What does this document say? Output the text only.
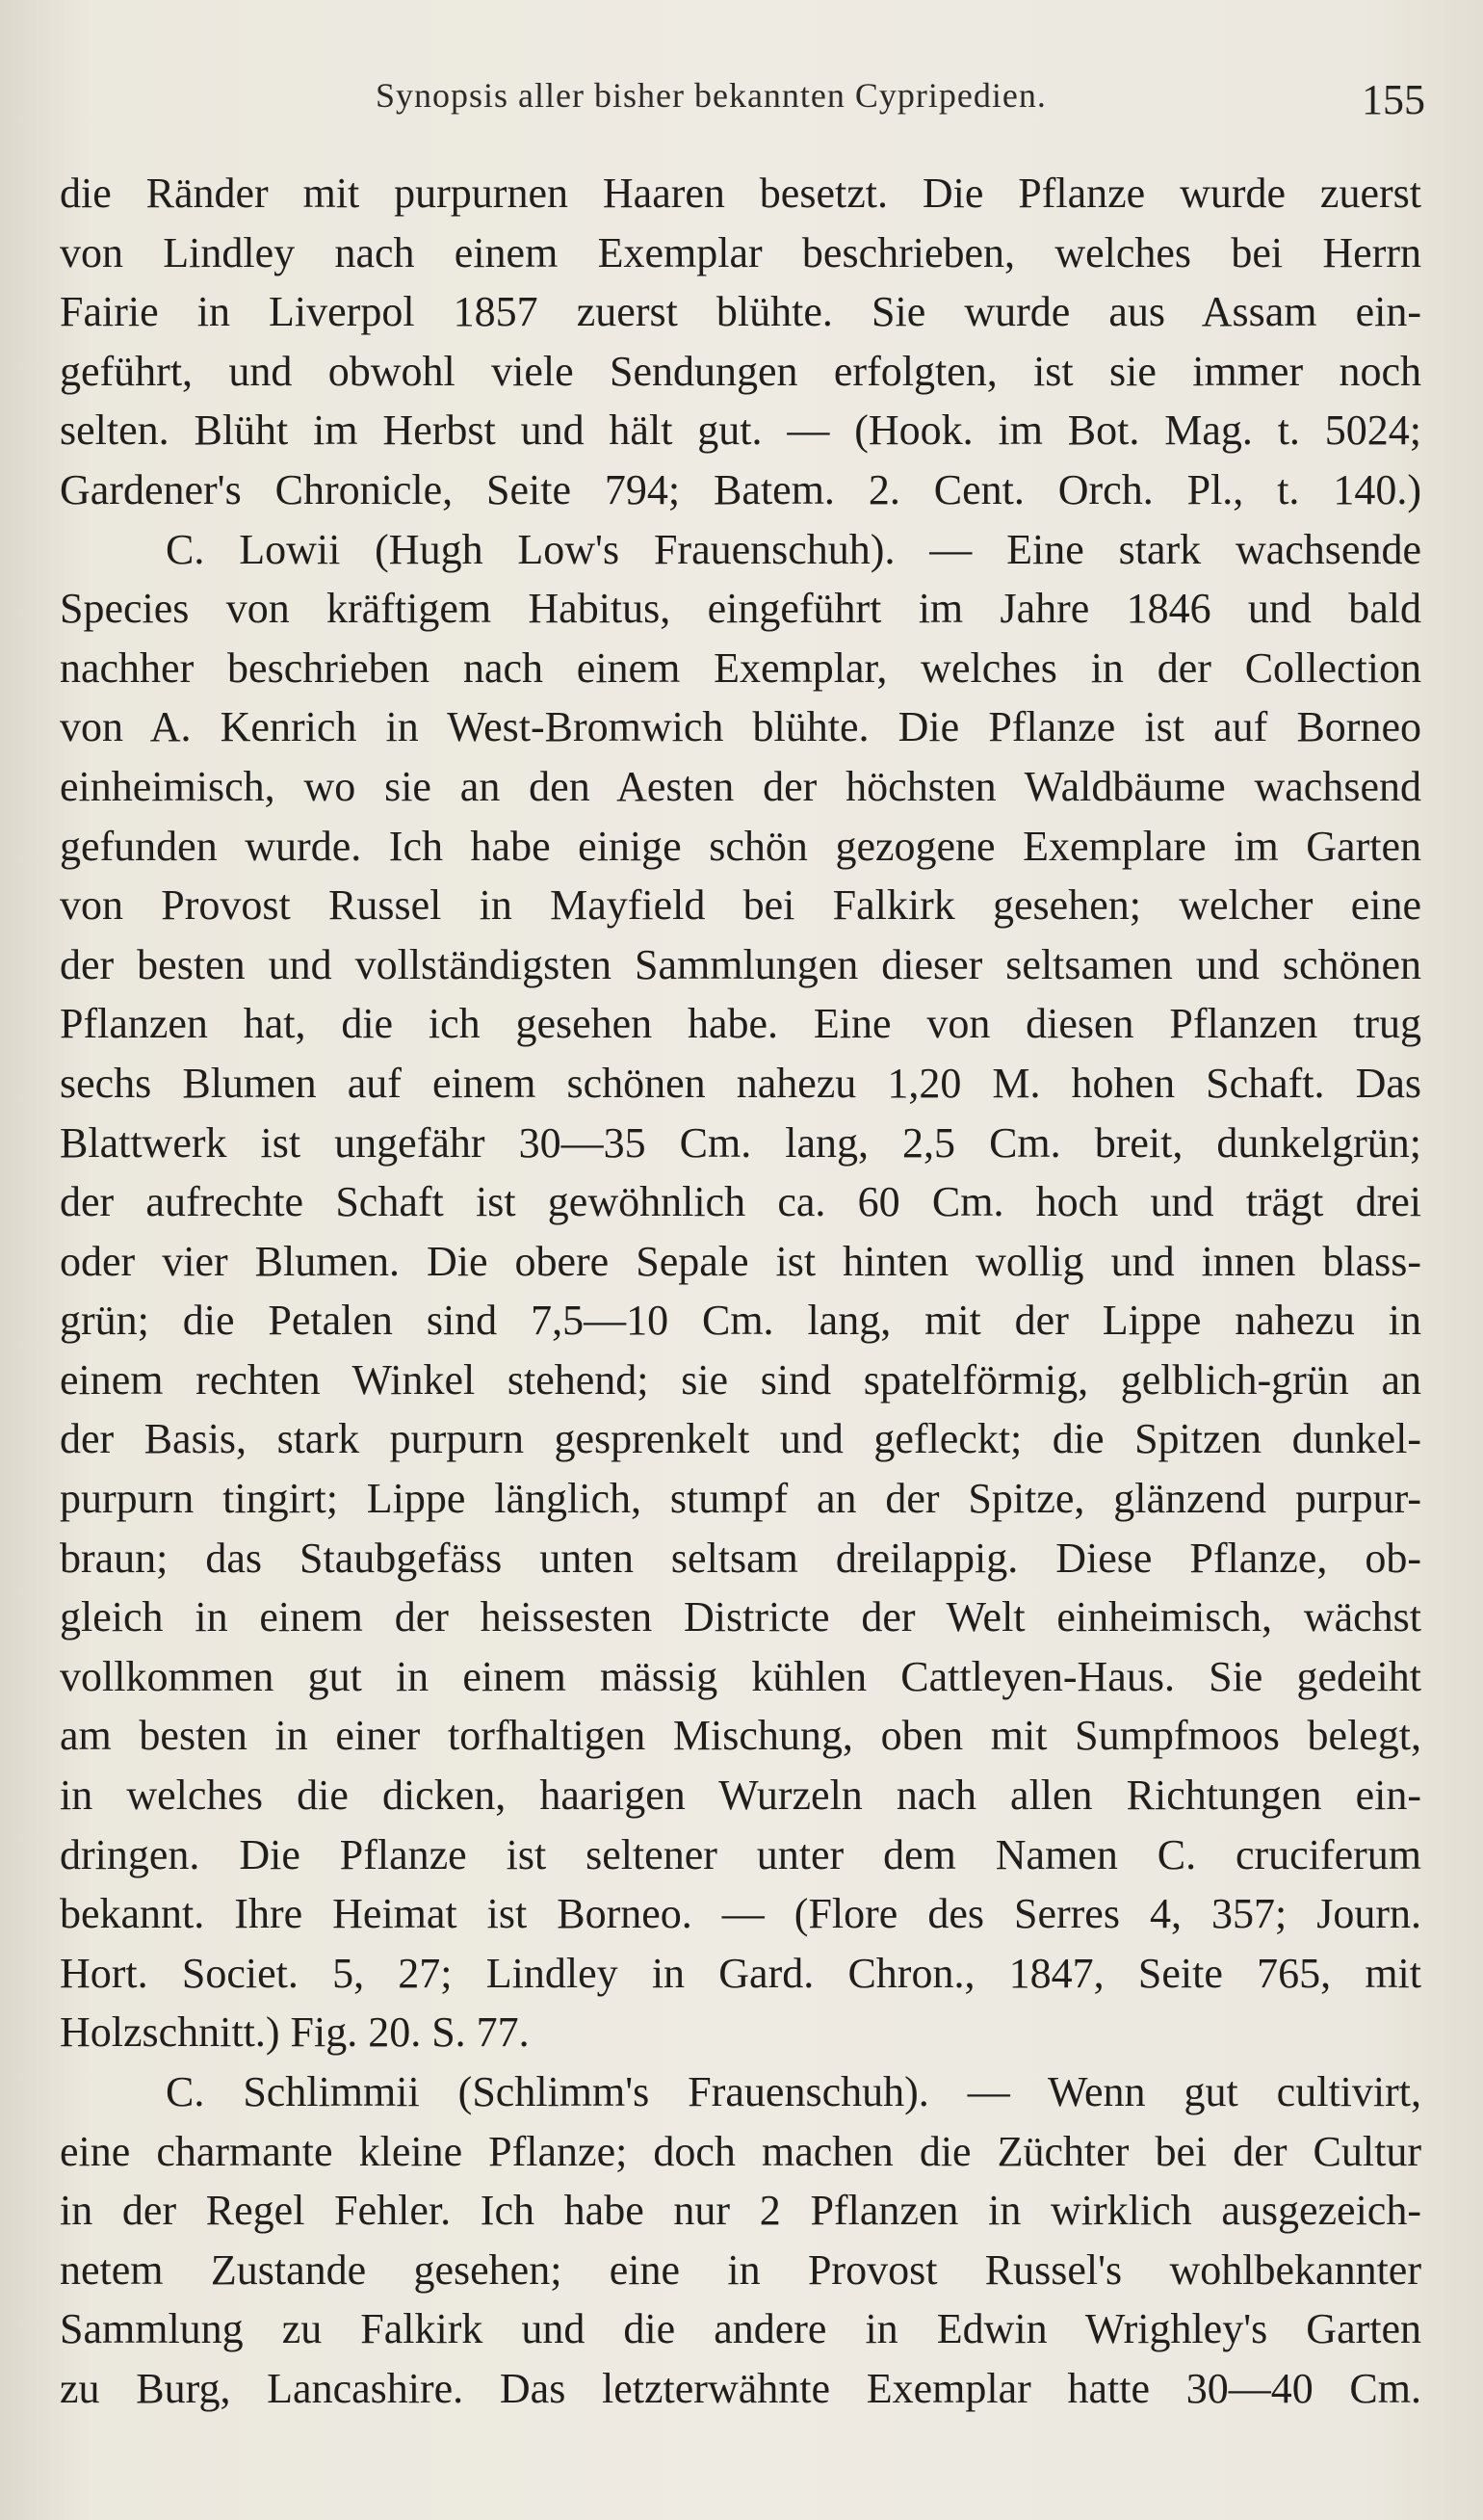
Synopsis aller bisher bekannten Cypripedien.	155
die Ränder mit purpurnen Haaren besetzt. Die Pflanze wurde zuerst
von Lindley nach einem Exemplar beschrieben, welches bei Herrn
Fairie in Liverpol 1857 zuerst blühte. Sie wurde aus Assam ein-
geführt, und obwohl viele Sendungen erfolgten, ist sie immer noch
selten. Blüht im Herbst und hält gut. — (Hook. im Bot. Mag. t. 5024;
Gardener's Chronicle, Seite 794; Batem. 2. Cent. Orch. Pl., t. 140.)
C. Lowii (Hugh Low's Frauenschuh). — Eine stark wachsende
Species von kräftigem Habitus, eingeführt im Jahre 1846 und bald
nachher beschrieben nach einem Exemplar, welches in der Collection
von A. Kenrich in West-Bromwich blühte. Die Pflanze ist auf Borneo
einheimisch, wo sie an den Aesten der höchsten Waldbäume wachsend
gefunden wurde. Ich habe einige schön gezogene Exemplare im Garten
von Provost Russel in Mayfield bei Falkirk gesehen; welcher eine
der besten und vollständigsten Sammlungen dieser seltsamen und schönen
Pflanzen hat, die ich gesehen habe. Eine von diesen Pflanzen trug
sechs Blumen auf einem schönen nahezu 1,20 M. hohen Schaft. Das
Blattwerk ist ungefähr 30—35 Cm. lang, 2,5 Cm. breit, dunkelgrün;
der aufrechte Schaft ist gewöhnlich ca. 60 Cm. hoch und trägt drei
oder vier Blumen. Die obere Sepale ist hinten wollig und innen blass-
grün; die Petalen sind 7,5—10 Cm. lang, mit der Lippe nahezu in
einem rechten Winkel stehend; sie sind spatelförmig, gelblich-grün an
der Basis, stark purpurn gesprenkelt und gefleckt; die Spitzen dunkel-
purpurn tingirt; Lippe länglich, stumpf an der Spitze, glänzend purpur-
braun; das Staubgefäss unten seltsam dreilappig. Diese Pflanze, ob-
gleich in einem der heissesten Districte der Welt einheimisch, wächst
vollkommen gut in einem mässig kühlen Cattleyen-Haus. Sie gedeiht
am besten in einer torfhaltigen Mischung, oben mit Sumpfmoos belegt,
in welches die dicken, haarigen Wurzeln nach allen Richtungen ein-
dringen. Die Pflanze ist seltener unter dem Namen C. cruciferum
bekannt. Ihre Heimat ist Borneo. — (Flore des Serres 4, 357; Journ.
Hort. Societ. 5, 27; Lindley in Gard. Chron., 1847, Seite 765, mit
Holzschnitt.) Fig. 20. S. 77.
C. Schlimmii (Schlimm's Frauenschuh). — Wenn gut cultivirt,
eine charmante kleine Pflanze; doch machen die Züchter bei der Cultur
in der Regel Fehler. Ich habe nur 2 Pflanzen in wirklich ausgezeich-
netem Zustande gesehen; eine in Provost Russel's wohlbekannter
Sammlung zu Falkirk und die andere in Edwin Wrighley's Garten
zu Burg, Lancashire. Das letzterwähnte Exemplar hatte 30—40 Cm.
